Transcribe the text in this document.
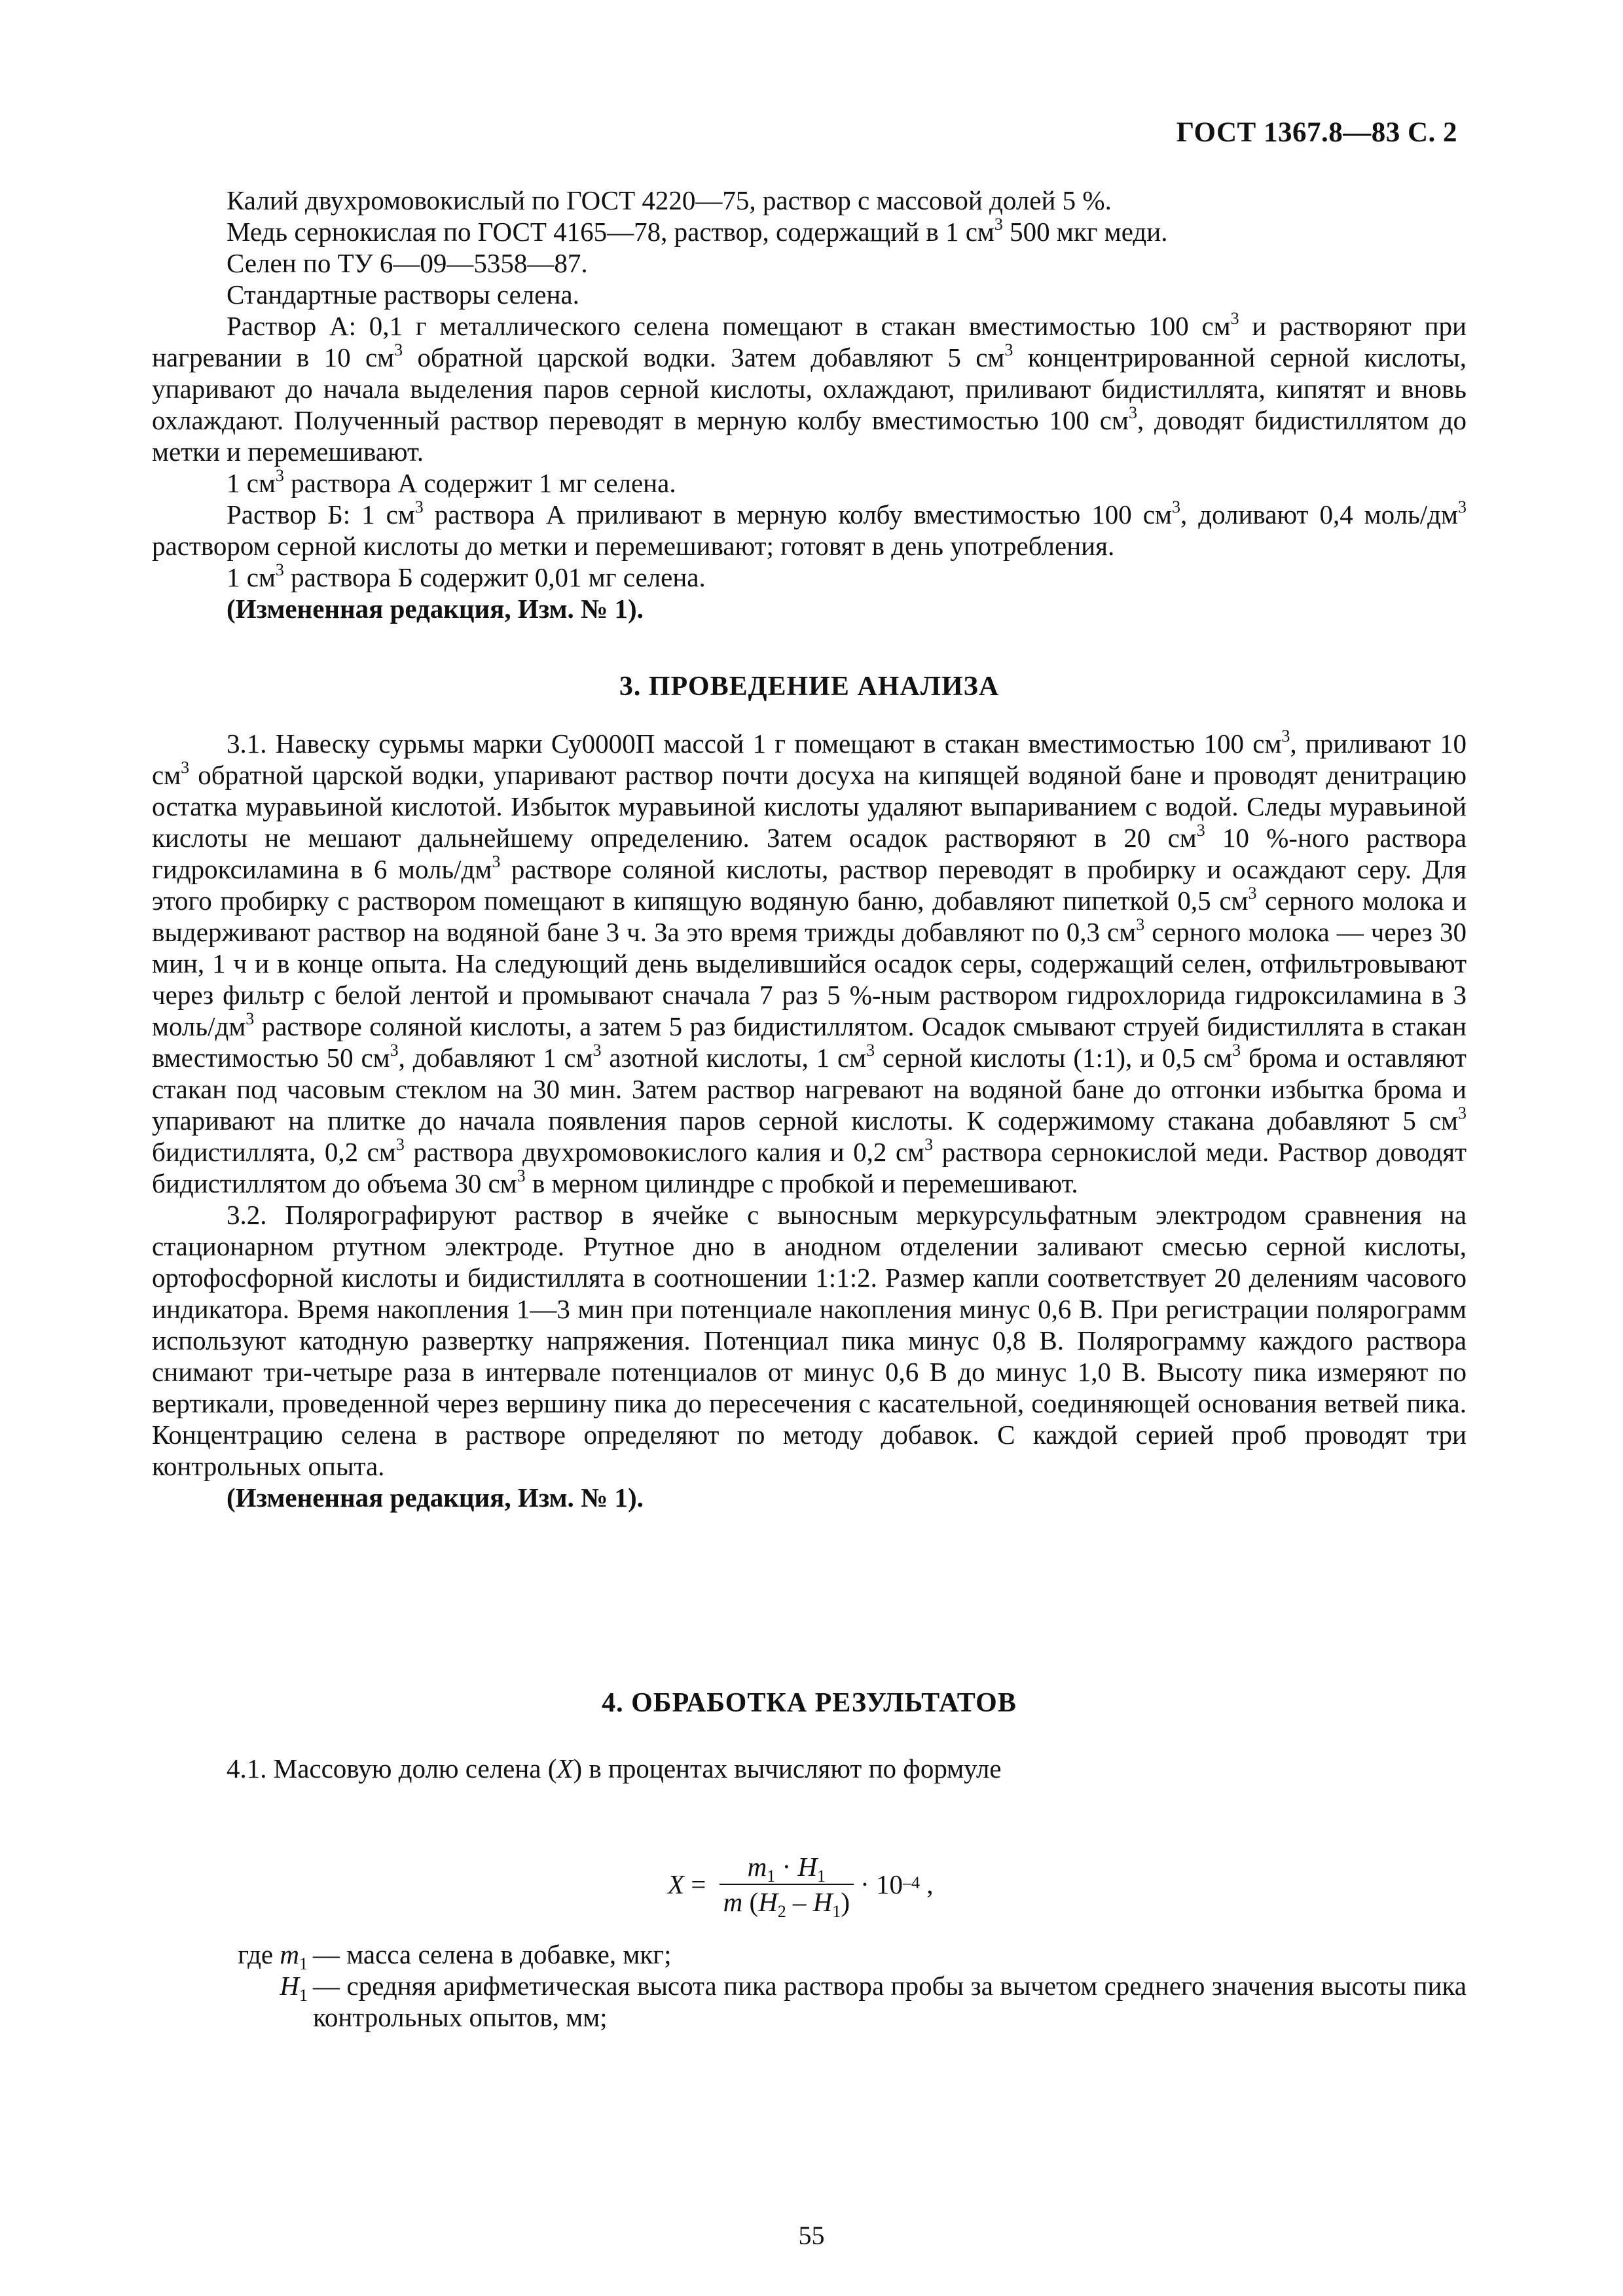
ГОСТ 1367.8—83 С. 2

Калий двухромовокислый по ГОСТ 4220—75, раствор с массовой долей 5 %.

Медь сернокислая по ГОСТ 4165—78, раствор, содержащий в 1 $см^3$ 500 мкг меди.

Селен по ТУ 6—09—5358—87.

Стандартные растворы селена.

Раствор А: 0,1 г металлического селена помещают в стакан вместимостью 100 $см^3$ и растворяют при нагревании в 10 $см^3$ обратной царской водки. Затем добавляют 5 $см^3$ концентрированной серной кислоты, упаривают до начала выделения паров серной кислоты, охлаждают, приливают бидистиллята, кипятят и вновь охлаждают. Полученный раствор переводят в мерную колбу вместимостью 100 $см^3$, доводят бидистиллятом до метки и перемешивают.

1 $см^3$ раствора А содержит 1 мг селена.

Раствор Б: 1 $см^3$ раствора А приливают в мерную колбу вместимостью 100 $см^3$, доливают 0,4 моль/$дм^3$ раствором серной кислоты до метки и перемешивают; готовят в день употребления.

1 $см^3$ раствора Б содержит 0,01 мг селена.

(Измененная редакция, Изм. № 1).

3. ПРОВЕДЕНИЕ АНАЛИЗА

3.1. Навеску сурьмы марки Су0000П массой 1 г помещают в стакан вместимостью 100 $см^3$, приливают 10 $см^3$ обратной царской водки, упаривают раствор почти досуха на кипящей водяной бане и проводят денитрацию остатка муравьиной кислотой. Избыток муравьиной кислоты удаляют выпариванием с водой. Следы муравьиной кислоты не мешают дальнейшему определению. Затем осадок растворяют в 20 $см^3$ 10 %-ного раствора гидроксиламина в 6 моль/$дм^3$ растворе соляной кислоты, раствор переводят в пробирку и осаждают серу. Для этого пробирку с раствором помещают в кипящую водяную баню, добавляют пипеткой 0,5 $см^3$ серного молока и выдерживают раствор на водяной бане 3 ч. За это время трижды добавляют по 0,3 $см^3$ серного молока — через 30 мин, 1 ч и в конце опыта. На следующий день выделившийся осадок серы, содержащий селен, отфильтровывают через фильтр с белой лентой и промывают сначала 7 раз 5 %-ным раствором гидрохлорида гидроксиламина в 3 моль/$дм^3$ растворе соляной кислоты, а затем 5 раз бидистиллятом. Осадок смывают струей бидистиллята в стакан вместимостью 50 $см^3$, добавляют 1 $см^3$ азотной кислоты, 1 $см^3$ серной кислоты (1:1), и 0,5 $см^3$ брома и оставляют стакан под часовым стеклом на 30 мин. Затем раствор нагревают на водяной бане до отгонки избытка брома и упаривают на плитке до начала появления паров серной кислоты. К содержимому стакана добавляют 5 $см^3$ бидистиллята, 0,2 $см^3$ раствора двухромовокислого калия и 0,2 $см^3$ раствора сернокислой меди. Раствор доводят бидистиллятом до объема 30 $см^3$ в мерном цилиндре с пробкой и перемешивают.

3.2. Полярографируют раствор в ячейке с выносным меркурсульфатным электродом сравнения на стационарном ртутном электроде. Ртутное дно в анодном отделении заливают смесью серной кислоты, ортофосфорной кислоты и бидистиллята в соотношении 1:1:2. Размер капли соответствует 20 делениям часового индикатора. Время накопления 1—3 мин при потенциале накопления минус 0,6 В. При регистрации полярограмм используют катодную развертку напряжения. Потенциал пика минус 0,8 В. Полярограмму каждого раствора снимают три-четыре раза в интервале потенциалов от минус 0,6 В до минус 1,0 В. Высоту пика измеряют по вертикали, проведенной через вершину пика до пересечения с касательной, соединяющей основания ветвей пика. Концентрацию селена в растворе определяют по методу добавок. С каждой серией проб проводят три контрольных опыта.

(Измененная редакция, Изм. № 1).

4. ОБРАБОТКА РЕЗУЛЬТАТОВ

4.1. Массовую долю селена (X) в процентах вычисляют по формуле

$X = \frac{m_1 \cdot H_1}{m (H_2 - H_1)} \cdot 10^{-4}$ ,
где $m_1$ — масса селена в добавке, мкг;
$H_1$ — средняя арифметическая высота пика раствора пробы за вычетом среднего значения высоты пика контрольных опытов, мм;
55
